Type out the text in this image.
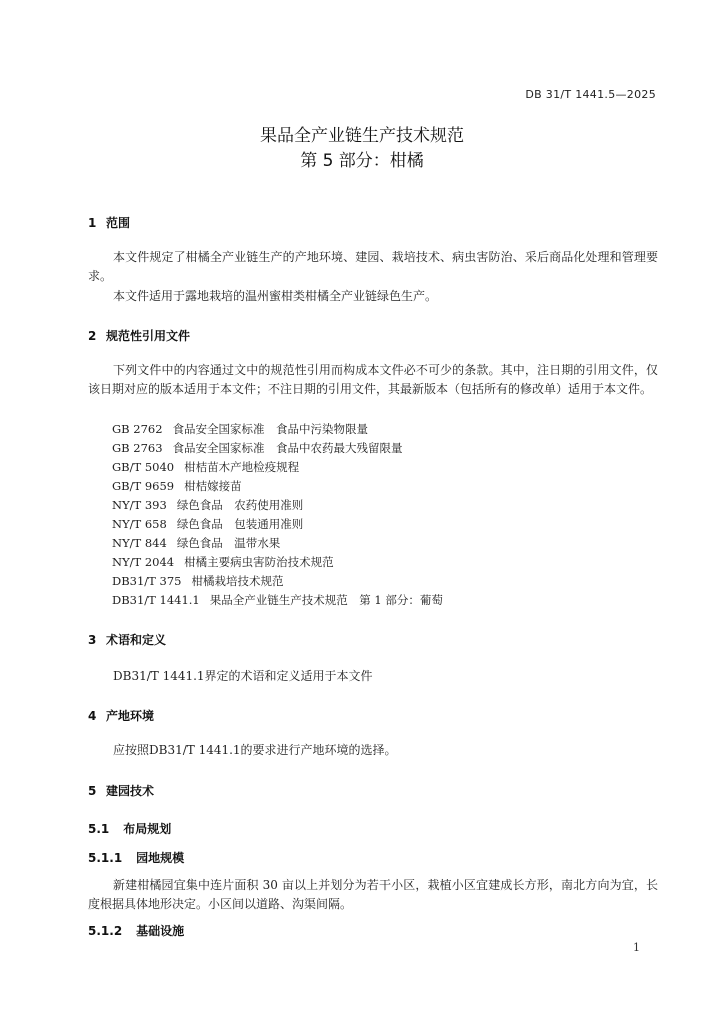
DB 31/T 1441.5—2025
果品全产业链生产技术规范
第 5 部分：柑橘
1 范围
本文件规定了柑橘全产业链生产的产地环境、建园、栽培技术、病虫害防治、采后商品化处理和管理要求。
本文件适用于露地栽培的温州蜜柑类柑橘全产业链绿色生产。
2 规范性引用文件
下列文件中的内容通过文中的规范性引用而构成本文件必不可少的条款。其中，注日期的引用文件，仅该日期对应的版本适用于本文件；不注日期的引用文件，其最新版本（包括所有的修改单）适用于本文件。
GB 2762 食品安全国家标准　食品中污染物限量
GB 2763 食品安全国家标准　食品中农药最大残留限量
GB/T 5040 柑桔苗木产地检疫规程
GB/T 9659 柑桔嫁接苗
NY/T 393 绿色食品　农药使用准则
NY/T 658 绿色食品　包装通用准则
NY/T 844 绿色食品　温带水果
NY/T 2044 柑橘主要病虫害防治技术规范
DB31/T 375 柑橘栽培技术规范
DB31/T 1441.1 果品全产业链生产技术规范　第 1 部分：葡萄
3 术语和定义
DB31/T 1441.1界定的术语和定义适用于本文件
4 产地环境
应按照DB31/T 1441.1的要求进行产地环境的选择。
5 建园技术
5.1 布局规划
5.1.1 园地规模
新建柑橘园宜集中连片面积 30 亩以上并划分为若干小区，栽植小区宜建成长方形，南北方向为宜，长度根据具体地形决定。小区间以道路、沟渠间隔。
5.1.2 基础设施
1
